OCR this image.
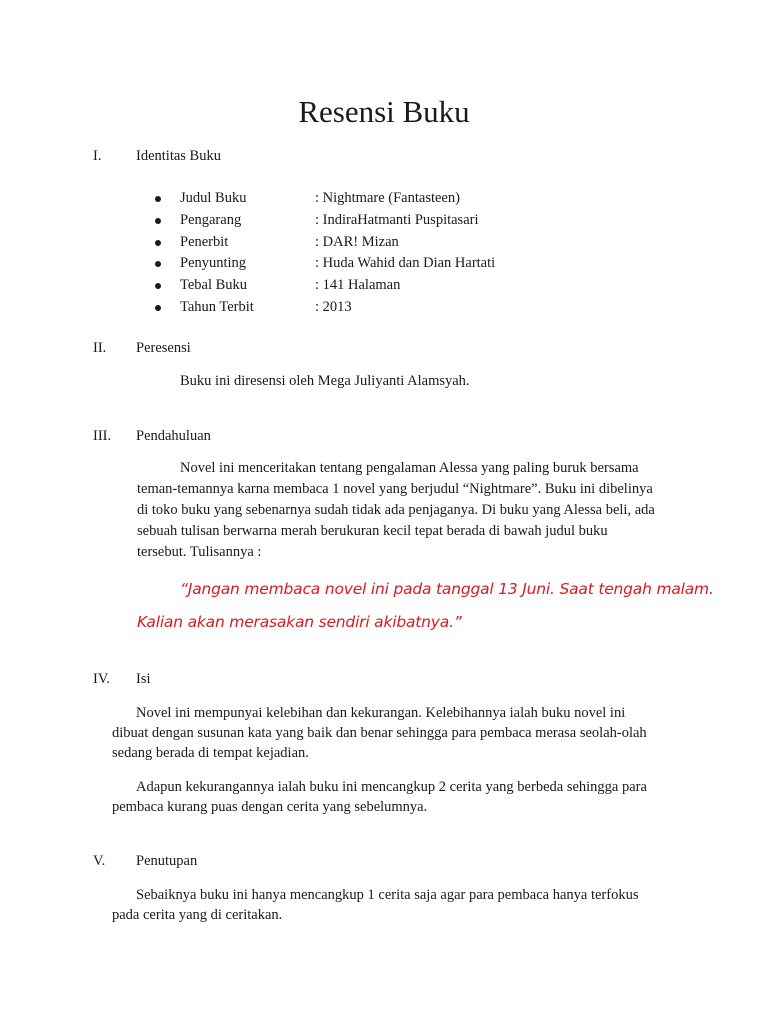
Resensi Buku
I.	Identitas Buku
Judul Buku	: Nightmare (Fantasteen)
Pengarang	: IndiraHatmanti Puspitasari
Penerbit	: DAR! Mizan
Penyunting	: Huda Wahid dan Dian Hartati
Tebal Buku	: 141 Halaman
Tahun Terbit	: 2013
II.	Peresensi

Buku ini diresensi oleh Mega Juliyanti Alamsyah.

III.	Pendahuluan

Novel ini menceritakan tentang pengalaman Alessa yang paling buruk bersama

teman-temannya karna membaca 1 novel yang berjudul “Nightmare”. Buku ini dibelinya

di toko buku yang sebenarnya sudah tidak ada penjaganya. Di buku yang Alessa beli, ada

sebuah tulisan berwarna merah berukuran kecil tepat berada di bawah judul buku

tersebut. Tulisannya :

“Jangan membaca novel ini pada tanggal 13 Juni. Saat tengah malam.

Kalian akan merasakan sendiri akibatnya.”

IV.	Isi

Novel ini mempunyai kelebihan dan kekurangan. Kelebihannya ialah buku novel ini

dibuat dengan susunan kata yang baik dan benar sehingga para pembaca merasa seolah-olah

sedang berada di tempat kejadian.

Adapun kekurangannya ialah buku ini mencangkup 2 cerita yang berbeda sehingga para

pembaca kurang puas dengan cerita yang sebelumnya.

V.	Penutupan

Sebaiknya buku ini hanya mencangkup 1 cerita saja agar para pembaca hanya terfokus

pada cerita yang di ceritakan.
